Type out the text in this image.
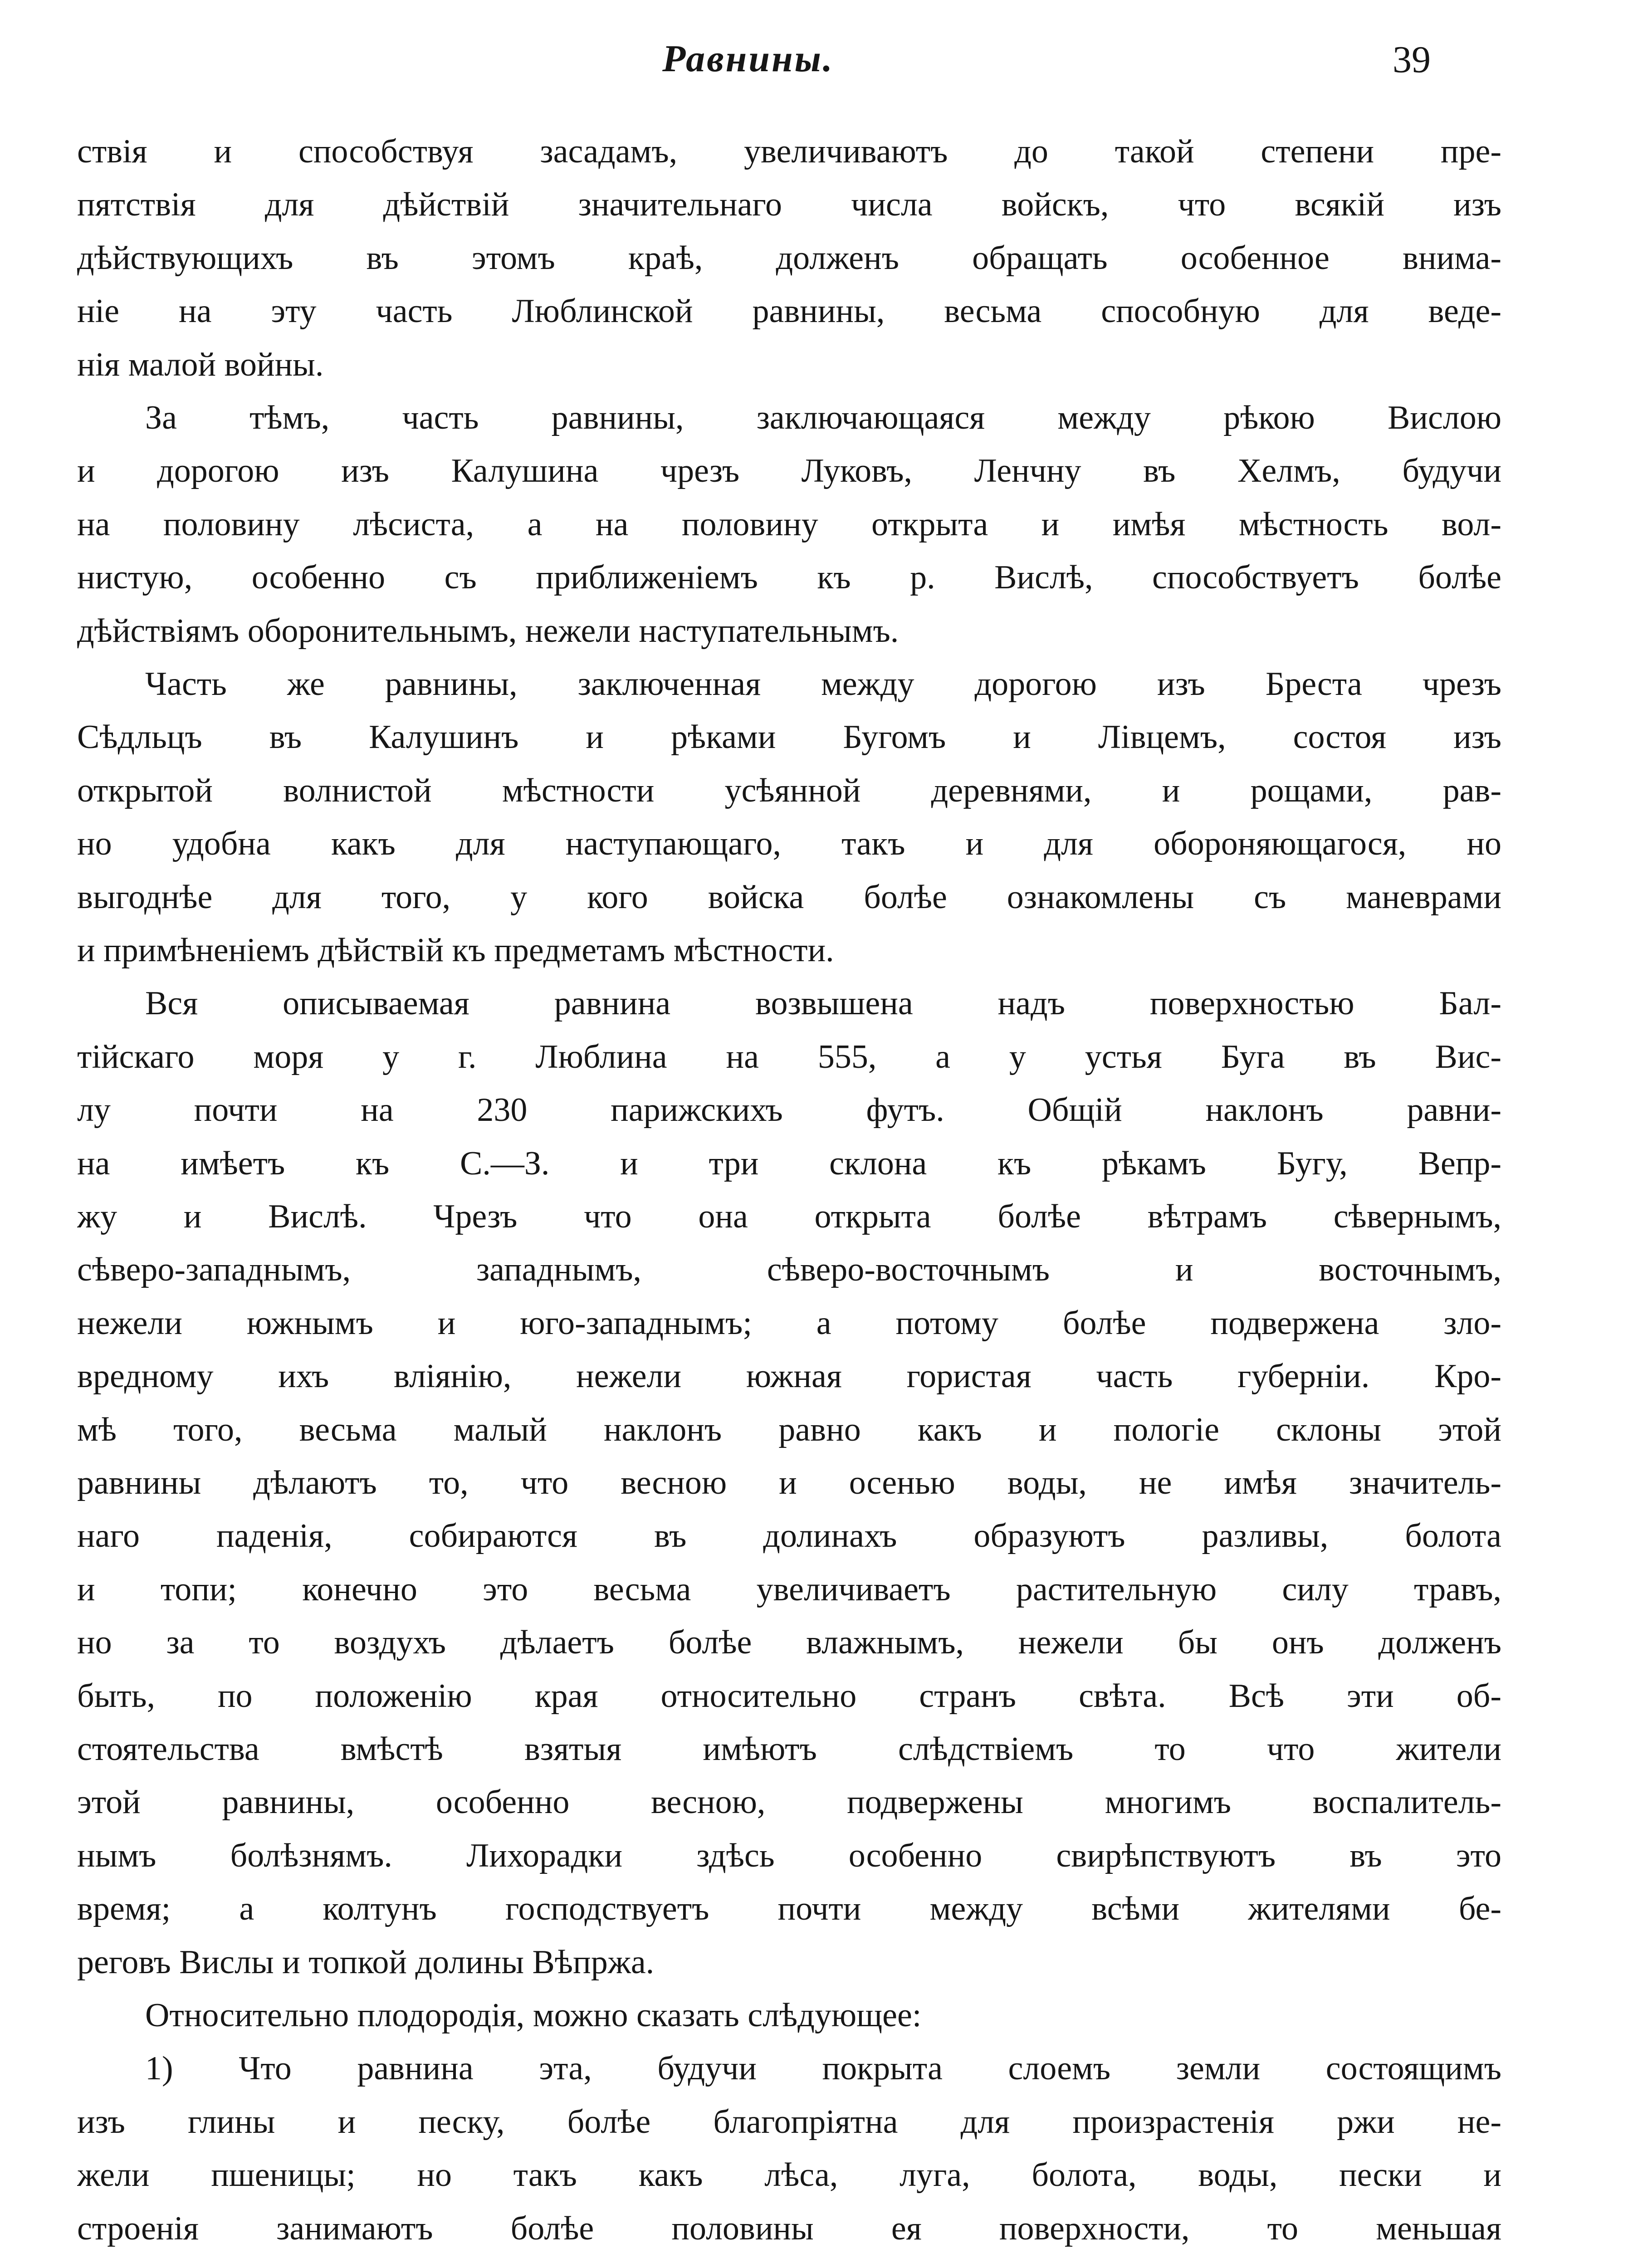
Равнины.	39
ствія и способствуя засадамъ, увеличиваютъ до такой степени пре-
пятствія для дѣйствій значительнаго числа войскъ, что всякій изъ
дѣйствующихъ въ этомъ краѣ, долженъ обращать особенное внима-
ніе на эту часть Люблинской равнины, весьма способную для веде-
нія малой войны.
За тѣмъ, часть равнины, заключающаяся между рѣкою Вислою
и дорогою изъ Калушина чрезъ Луковъ, Ленчну въ Хелмъ, будучи
на половину лѣсиста, а на половину открыта и имѣя мѣстность вол-
нистую, особенно съ приближеніемъ къ р. Вислѣ, способствуетъ болѣе
дѣйствіямъ оборонительнымъ, нежели наступательнымъ.
Часть же равнины, заключенная между дорогою изъ Бреста чрезъ
Сѣдльцъ въ Калушинъ и рѣками Бугомъ и Лівцемъ, состоя изъ
открытой волнистой мѣстности усѣянной деревнями, и рощами, рав-
но удобна какъ для наступающаго, такъ и для обороняющагося, но
выгоднѣе для того, у кого войска болѣе ознакомлены съ маневрами
и примѣненіемъ дѣйствій къ предметамъ мѣстности.
Вся описываемая равнина возвышена надъ поверхностью Бал-
тійскаго моря у г. Люблина на 555, а у устья Буга въ Вис-
лу почти на 230 парижскихъ футъ. Общій наклонъ равни-
на имѣетъ къ С.—З. и три склона къ рѣкамъ Бугу, Вепр-
жу и Вислѣ. Чрезъ что она открыта болѣе вѣтрамъ сѣвернымъ,
сѣверо-западнымъ, западнымъ, сѣверо-восточнымъ и восточнымъ,
нежели южнымъ и юго-западнымъ; а потому болѣе подвержена зло-
вредному ихъ вліянію, нежели южная гористая часть губерніи. Кро-
мѣ того, весьма малый наклонъ равно какъ и пологіе склоны этой
равнины дѣлаютъ то, что весною и осенью воды, не имѣя значитель-
наго паденія, собираются въ долинахъ образуютъ разливы, болота
и топи; конечно это весьма увеличиваетъ растительную силу травъ,
но за то воздухъ дѣлаетъ болѣе влажнымъ, нежели бы онъ долженъ
быть, по положенію края относительно странъ свѣта. Всѣ эти об-
стоятельства вмѣстѣ взятыя имѣютъ слѣдствіемъ то что жители
этой равнины, особенно весною, подвержены многимъ воспалитель-
нымъ болѣзнямъ. Лихорадки здѣсь особенно свирѣпствуютъ въ это
время; а колтунъ господствуетъ почти между всѣми жителями бе-
реговъ Вислы и топкой долины Вѣпржа.
Относительно плодородія, можно сказать слѣдующее:
1) Что равнина эта, будучи покрыта слоемъ земли состоящимъ
изъ глины и песку, болѣе благопріятна для произрастенія ржи не-
жели пшеницы; но такъ какъ лѣса, луга, болота, воды, пески и
строенія занимаютъ болѣе половины ея поверхности, то меньшая
